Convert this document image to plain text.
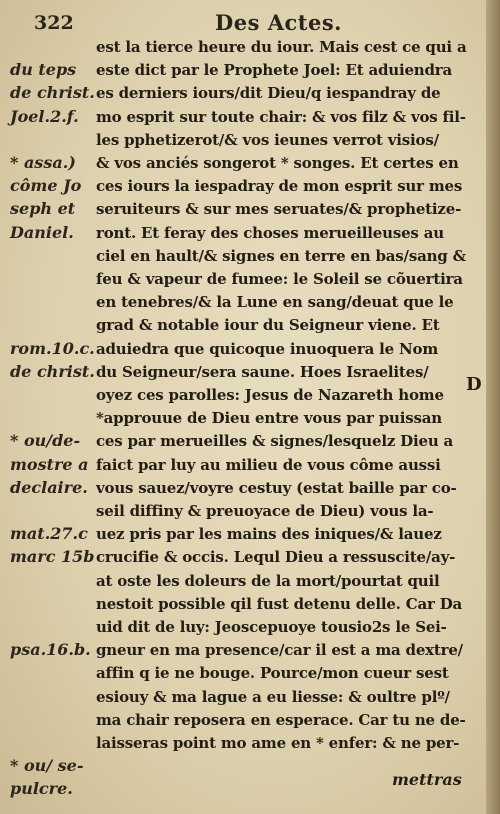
322	Des Actes.
du teps
de christ.
Joel.2.f.
* assa.)
côme Jo
seph et
Daniel.
rom.10.c.
de christ.
* ou/de-
mostre a
declaire.
mat.27.c
marc 15b
psa.16.b.
* ou/ se-
pulcre.
est la tierce heure du iour. Mais cest ce qui a
este dict par le Prophete Joel: Et aduiendra
es derniers iours/dit Dieu/q iespandray de
mo esprit sur toute chair: & vos filz & vos fil-
les pphetizerot/& vos ieunes verrot visios/
& vos anciés songerot * songes. Et certes en
ces iours la iespadray de mon esprit sur mes
seruiteurs & sur mes seruates/& prophetize-
ront. Et feray des choses merueilleuses au
ciel en hault/& signes en terre en bas/sang &
feu & vapeur de fumee: le Soleil se cõuertira
en tenebres/& la Lune en sang/deuat que le
grad & notable iour du Seigneur viene. Et
aduiedra que quicoque inuoquera le Nom
du Seigneur/sera saune. Hoes Israelites/
oyez ces parolles: Jesus de Nazareth home
*approuue de Dieu entre vous par puissan
ces par merueilles & signes/lesquelz Dieu a
faict par luy au milieu de vous côme aussi
vous sauez/voyre cestuy (estat baille par co-
seil diffiny & preuoyace de Dieu) vous la-
uez pris par les mains des iniques/& lauez
crucifie & occis. Lequl Dieu a ressuscite/ay-
at oste les doleurs de la mort/pourtat quil
nestoit possible qil fust detenu delle. Car Da
uid dit de luy: Jeoscepuoye tousio2s le Sei-
gneur en ma presence/car il est a ma dextre/
affin q ie ne bouge. Pource/mon cueur sest
esiouy & ma lague a eu liesse: & oultre plº/
ma chair reposera en esperace. Car tu ne de-
laisseras point mo ame en * enfer: & ne per-
D
mettras
